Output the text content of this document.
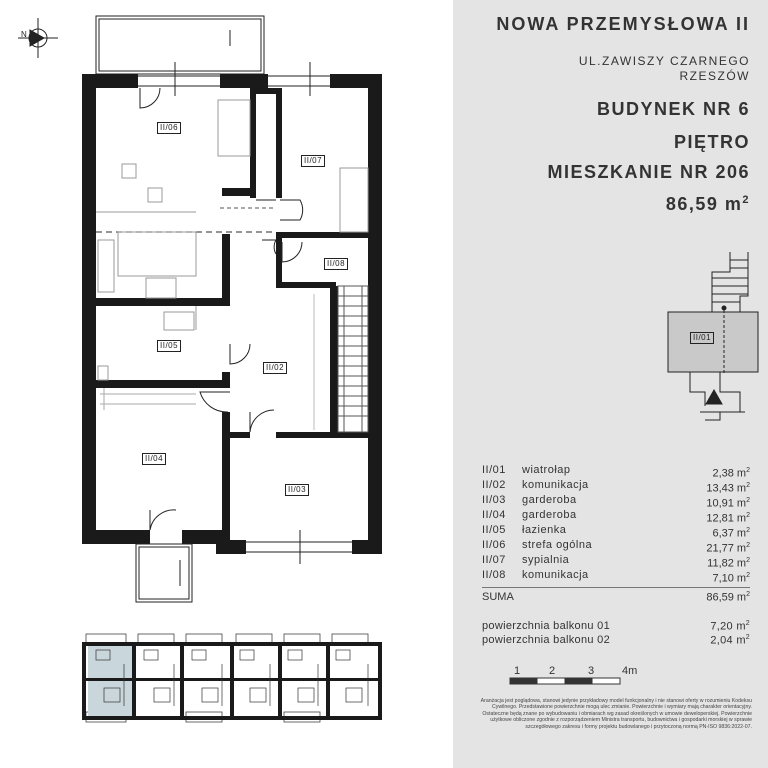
NOWA PRZEMYSŁOWA II
UL.ZAWISZY CZARNEGO
RZESZÓW
BUDYNEK NR 6
PIĘTRO
MIESZKANIE NR 206
86,59 $m^2$
N
1	2	3	4m
II/06
II/07
II/08
II/05
II/02
II/04
II/03
II/01
II/01 wiatrołap	2,38 $m^2$
II/02 komunikacja	13,43 $m^2$
II/03 garderoba	10,91 $m^2$
II/04 garderoba	12,81 $m^2$
II/05 łazienka	6,37 $m^2$
II/06 strefa ogólna	21,77 $m^2$
II/07 sypialnia	11,82 $m^2$
II/08 komunikacja	7,10 $m^2$
SUMA	86,59 $m^2$
powierzchnia balkonu 01	7,20 $m^2$
powierzchnia balkonu 02	2,04 $m^2$
Aranżacja jest poglądowa, stanowi jedynie przykładowy model funkcjonalny i nie stanowi oferty w rozumieniu Kodeksu Cywilnego. Przedstawione powierzchnie mogą ulec zmianie. Powierzchnie i wymiary mają charakter orientacyjny. Ostateczne będą znane po wybudowaniu i obmiarach wg zasad określonych w umowie deweloperskiej. Powierzchnie użytkowe obliczone zgodnie z rozporządzeniem Ministra transportu, budownictwa i gospodarki morskiej w sprawie szczegółowego zakresu i formy projektu budowlanego i przytoczoną normą PN-ISO 9836:2022-07.
